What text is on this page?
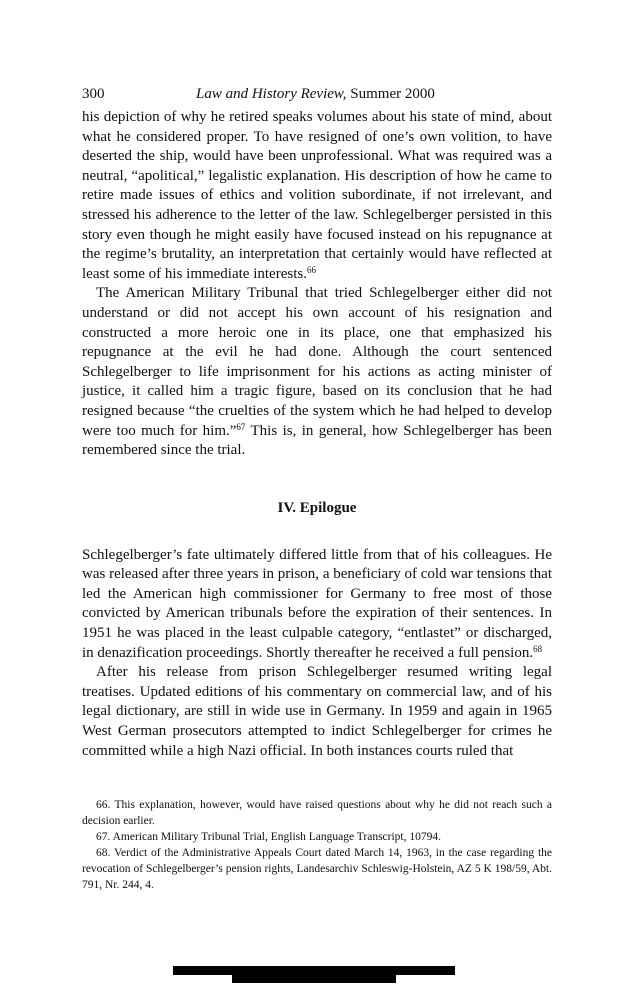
300	Law and History Review, Summer 2000

his depiction of why he retired speaks volumes about his state of mind, about what he considered proper. To have resigned of one’s own volition, to have deserted the ship, would have been unprofessional. What was required was a neutral, “apolitical,” legalistic explanation. His description of how he came to retire made issues of ethics and volition subordinate, if not irrelevant, and stressed his adherence to the letter of the law. Schlegelberger persisted in this story even though he might easily have focused instead on his repugnance at the regime’s brutality, an interpretation that certainly would have reflected at least some of his immediate interests.$^{66}$

The American Military Tribunal that tried Schlegelberger either did not understand or did not accept his own account of his resignation and constructed a more heroic one in its place, one that emphasized his repugnance at the evil he had done. Although the court sentenced Schlegelberger to life imprisonment for his actions as acting minister of justice, it called him a tragic figure, based on its conclusion that he had resigned because “the cruelties of the system which he had helped to develop were too much for him.”$^{67}$ This is, in general, how Schlegelberger has been remembered since the trial.

IV. Epilogue

Schlegelberger’s fate ultimately differed little from that of his colleagues. He was released after three years in prison, a beneficiary of cold war tensions that led the American high commissioner for Germany to free most of those convicted by American tribunals before the expiration of their sentences. In 1951 he was placed in the least culpable category, “entlastet” or discharged, in denazification proceedings. Shortly thereafter he received a full pension.$^{68}$

After his release from prison Schlegelberger resumed writing legal treatises. Updated editions of his commentary on commercial law, and of his legal dictionary, are still in wide use in Germany. In 1959 and again in 1965 West German prosecutors attempted to indict Schlegelberger for crimes he committed while a high Nazi official. In both instances courts ruled that

66. This explanation, however, would have raised questions about why he did not reach such a decision earlier.

67. American Military Tribunal Trial, English Language Transcript, 10794.

68. Verdict of the Administrative Appeals Court dated March 14, 1963, in the case regarding the revocation of Schlegelberger’s pension rights, Landesarchiv Schleswig-Holstein, AZ 5 K 198/59, Abt. 791, Nr. 244, 4.
